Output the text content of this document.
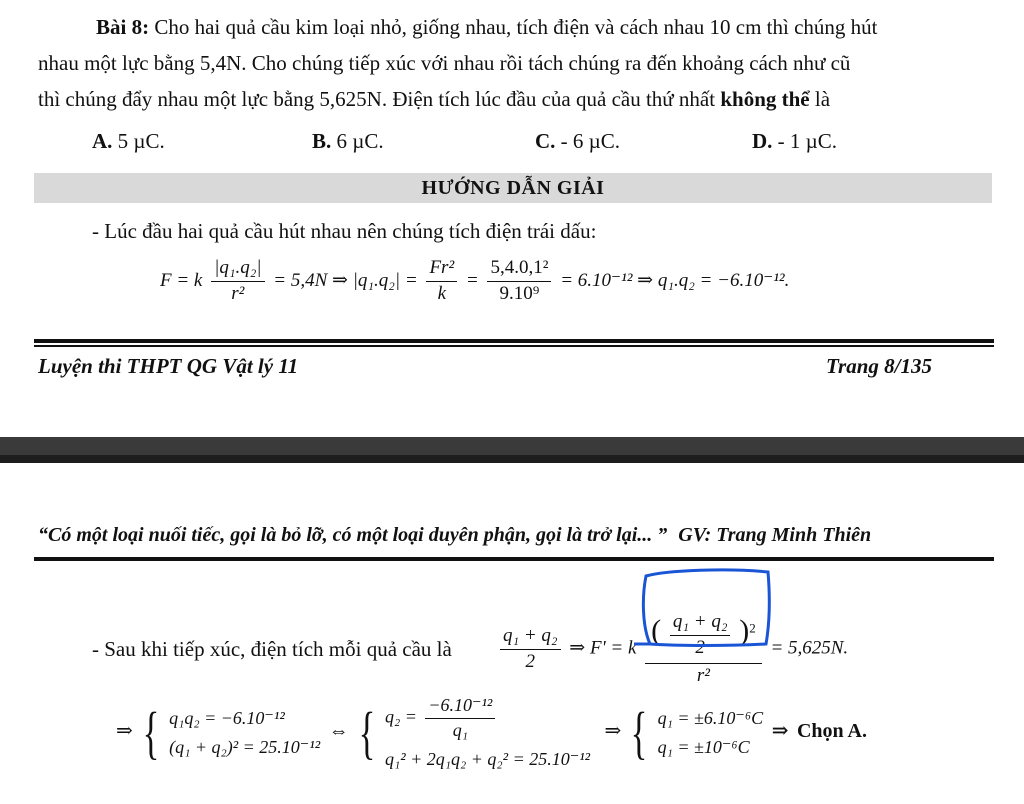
Bài 8: Cho hai quả cầu kim loại nhỏ, giống nhau, tích điện và cách nhau 10 cm thì chúng hút
nhau một lực bằng 5,4N. Cho chúng tiếp xúc với nhau rồi tách chúng ra đến khoảng cách như cũ
thì chúng đẩy nhau một lực bằng 5,625N. Điện tích lúc đầu của quả cầu thứ nhất không thể là
A. 5 µC.	B. 6 µC.	C. - 6 µC.	D. - 1 µC.
HƯỚNG DẪN GIẢI
- Lúc đầu hai quả cầu hút nhau nên chúng tích điện trái dấu:
F = k $\frac{\text{|q₁.q₂|}}{\text{r²}} = 5,4N$ ⇒ $|q_1.q_2| = \frac{\text{Fr²}}{k} = \frac{\text{5,4.0,1²}}{\text{9.10⁹}} = 6.10^{-12}$ ⇒ q₁.q₂ = −6.10⁻¹².
Luyện thi THPT QG Vật lý 11	Trang 8/135
“Có một loại nuối tiếc, gọi là bỏ lỡ, có một loại duyên phận, gọi là trở lại... ” GV: Trang Minh Thiên
- Sau khi tiếp xúc, điện tích mỗi quả cầu là	$\frac{\text{q₁ + q₂}}{2}$ ⇒ F' = k $\frac{( \frac{\text{q₁ + q₂}}{2} )^2}{\text{r²}} = 5,625N$.
⇒ { q₁q₂ = −6.10⁻¹²
(q₁ + q₂)² = 25.10⁻¹²
⇔ { $q_2 = \frac{\text{−6.10⁻¹²}}{\text{q₁}}$
q₁² + 2q₁q₂ + q₂² = 25.10⁻¹²
⇒ { q₁ = ±6.10⁻⁶C
q₁ = ±10⁻⁶C
⇒ Chọn A.
